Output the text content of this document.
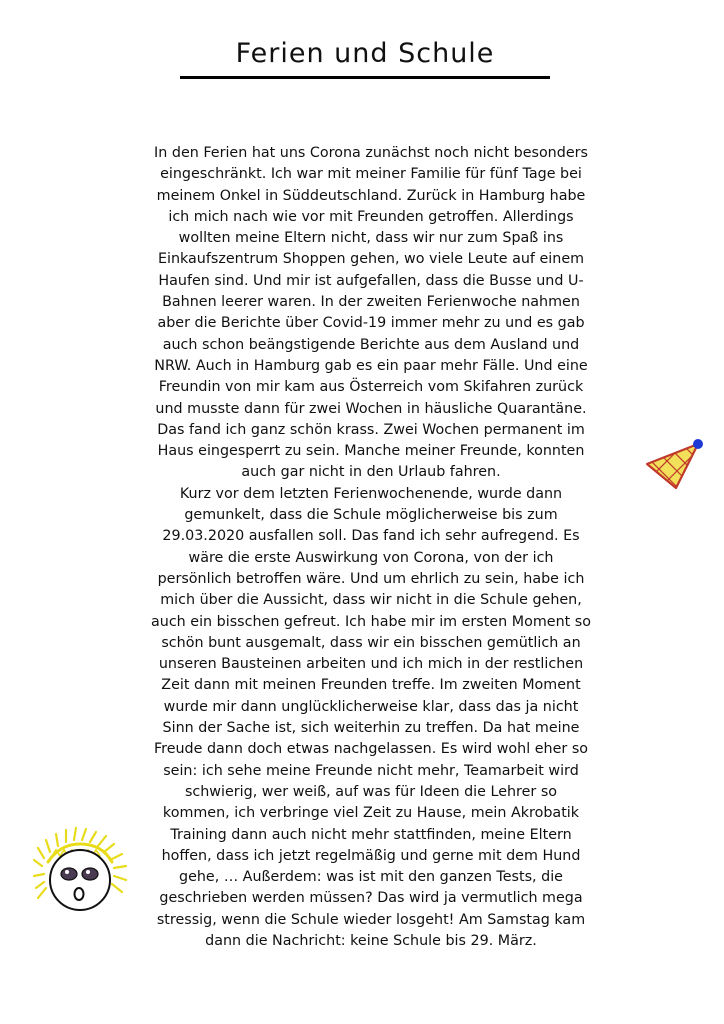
Ferien und Schule
In den Ferien hat uns Corona zunächst noch nicht besonders
eingeschränkt. Ich war mit meiner Familie für fünf Tage bei
meinem Onkel in Süddeutschland. Zurück in Hamburg habe
ich mich nach wie vor mit Freunden getroffen. Allerdings
wollten meine Eltern nicht, dass wir nur zum Spaß ins
Einkaufszentrum Shoppen gehen, wo viele Leute auf einem
Haufen sind. Und mir ist aufgefallen, dass die Busse und U-
Bahnen leerer waren. In der zweiten Ferienwoche nahmen
aber die Berichte über Covid-19 immer mehr zu und es gab
auch schon beängstigende Berichte aus dem Ausland und
NRW. Auch in Hamburg gab es ein paar mehr Fälle. Und eine
Freundin von mir kam aus Österreich vom Skifahren zurück
und musste dann für zwei Wochen in häusliche Quarantäne.
Das fand ich ganz schön krass. Zwei Wochen permanent im
Haus eingesperrt zu sein. Manche meiner Freunde, konnten
auch gar nicht in den Urlaub fahren.
Kurz vor dem letzten Ferienwochenende, wurde dann
gemunkelt, dass die Schule möglicherweise bis zum
29.03.2020 ausfallen soll. Das fand ich sehr aufregend. Es
wäre die erste Auswirkung von Corona, von der ich
persönlich betroffen wäre. Und um ehrlich zu sein, habe ich
mich über die Aussicht, dass wir nicht in die Schule gehen,
auch ein bisschen gefreut. Ich habe mir im ersten Moment so
schön bunt ausgemalt, dass wir ein bisschen gemütlich an
unseren Bausteinen arbeiten und ich mich in der restlichen
Zeit dann mit meinen Freunden treffe. Im zweiten Moment
wurde mir dann unglücklicherweise klar, dass das ja nicht
Sinn der Sache ist, sich weiterhin zu treffen. Da hat meine
Freude dann doch etwas nachgelassen. Es wird wohl eher so
sein: ich sehe meine Freunde nicht mehr, Teamarbeit wird
schwierig, wer weiß, auf was für Ideen die Lehrer so
kommen, ich verbringe viel Zeit zu Hause, mein Akrobatik
Training dann auch nicht mehr stattfinden, meine Eltern
hoffen, dass ich jetzt regelmäßig und gerne mit dem Hund
gehe, … Außerdem: was ist mit den ganzen Tests, die
geschrieben werden müssen? Das wird ja vermutlich mega
stressig, wenn die Schule wieder losgeht! Am Samstag kam
dann die Nachricht: keine Schule bis 29. März.
